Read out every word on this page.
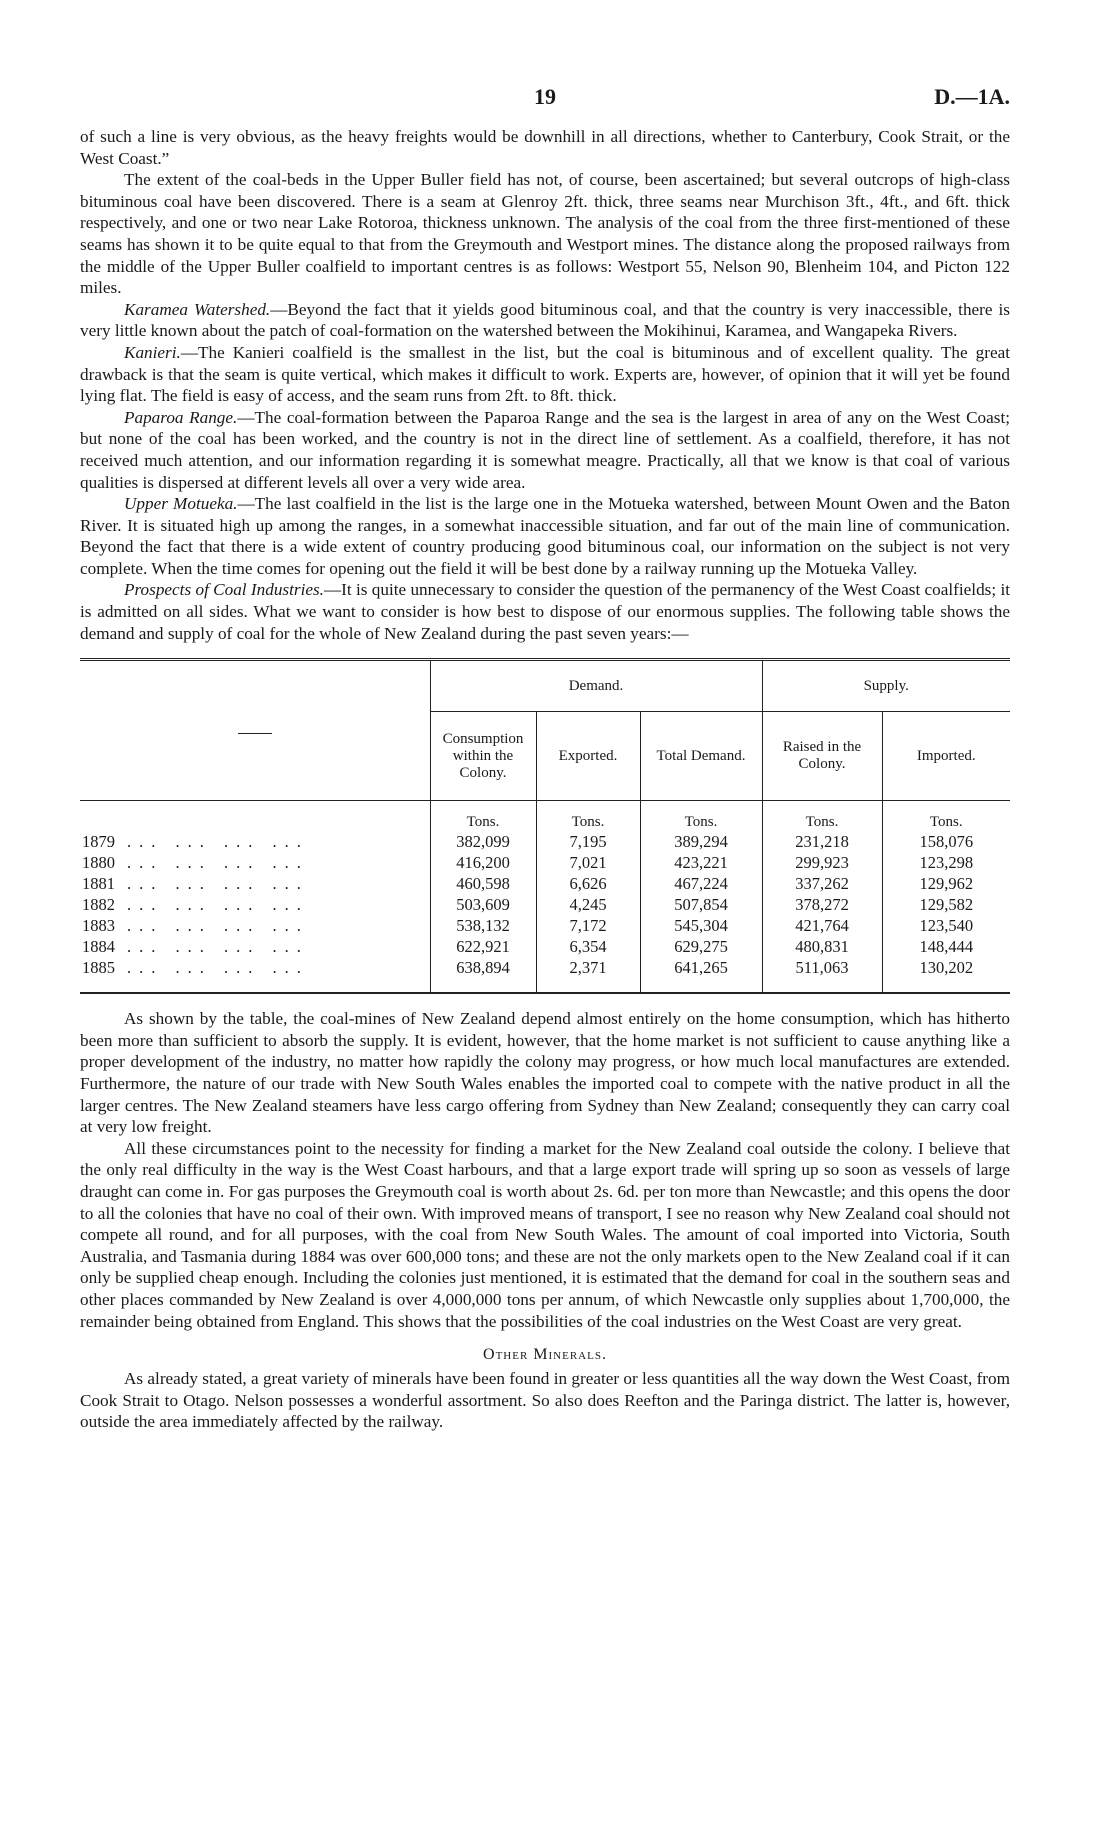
19	D.—1A.

of such a line is very obvious, as the heavy freights would be downhill in all directions, whether to Canterbury, Cook Strait, or the West Coast.”

The extent of the coal-beds in the Upper Buller field has not, of course, been ascertained; but several outcrops of high-class bituminous coal have been discovered. There is a seam at Glenroy 2ft. thick, three seams near Murchison 3ft., 4ft., and 6ft. thick respectively, and one or two near Lake Rotoroa, thickness unknown. The analysis of the coal from the three first-mentioned of these seams has shown it to be quite equal to that from the Greymouth and Westport mines. The distance along the proposed railways from the middle of the Upper Buller coalfield to important centres is as follows: Westport 55, Nelson 90, Blenheim 104, and Picton 122 miles.

Karamea Watershed.—Beyond the fact that it yields good bituminous coal, and that the country is very inaccessible, there is very little known about the patch of coal-formation on the watershed between the Mokihinui, Karamea, and Wangapeka Rivers.

Kanieri.—The Kanieri coalfield is the smallest in the list, but the coal is bituminous and of excellent quality. The great drawback is that the seam is quite vertical, which makes it difficult to work. Experts are, however, of opinion that it will yet be found lying flat. The field is easy of access, and the seam runs from 2ft. to 8ft. thick.

Paparoa Range.—The coal-formation between the Paparoa Range and the sea is the largest in area of any on the West Coast; but none of the coal has been worked, and the country is not in the direct line of settlement. As a coalfield, therefore, it has not received much attention, and our information regarding it is somewhat meagre. Practically, all that we know is that coal of various qualities is dispersed at different levels all over a very wide area.

Upper Motueka.—The last coalfield in the list is the large one in the Motueka watershed, between Mount Owen and the Baton River. It is situated high up among the ranges, in a somewhat inaccessible situation, and far out of the main line of communication. Beyond the fact that there is a wide extent of country producing good bituminous coal, our information on the subject is not very complete. When the time comes for opening out the field it will be best done by a railway running up the Motueka Valley.

Prospects of Coal Industries.—It is quite unnecessary to consider the question of the permanency of the West Coast coalfields; it is admitted on all sides. What we want to consider is how best to dispose of our enormous supplies. The following table shows the demand and supply of coal for the whole of New Zealand during the past seven years:—

	Demand.			Supply.	
	Consumption within the Colony.	Exported.	Total Demand.	Raised in the Colony.	Imported.
	Tons.	Tons.	Tons.	Tons.	Tons.
1879 ... ... ... ...	382,099	7,195	389,294	231,218	158,076
1880 ... ... ... ...	416,200	7,021	423,221	299,923	123,298
1881 ... ... ... ...	460,598	6,626	467,224	337,262	129,962
1882 ... ... ... ...	503,609	4,245	507,854	378,272	129,582
1883 ... ... ... ...	538,132	7,172	545,304	421,764	123,540
1884 ... ... ... ...	622,921	6,354	629,275	480,831	148,444
1885 ... ... ... ...	638,894	2,371	641,265	511,063	130,202

As shown by the table, the coal-mines of New Zealand depend almost entirely on the home consumption, which has hitherto been more than sufficient to absorb the supply. It is evident, however, that the home market is not sufficient to cause anything like a proper development of the industry, no matter how rapidly the colony may progress, or how much local manufactures are extended. Furthermore, the nature of our trade with New South Wales enables the imported coal to compete with the native product in all the larger centres. The New Zealand steamers have less cargo offering from Sydney than New Zealand; consequently they can carry coal at very low freight.

All these circumstances point to the necessity for finding a market for the New Zealand coal outside the colony. I believe that the only real difficulty in the way is the West Coast harbours, and that a large export trade will spring up so soon as vessels of large draught can come in. For gas purposes the Greymouth coal is worth about 2s. 6d. per ton more than Newcastle; and this opens the door to all the colonies that have no coal of their own. With improved means of transport, I see no reason why New Zealand coal should not compete all round, and for all purposes, with the coal from New South Wales. The amount of coal imported into Victoria, South Australia, and Tasmania during 1884 was over 600,000 tons; and these are not the only markets open to the New Zealand coal if it can only be supplied cheap enough. Including the colonies just mentioned, it is estimated that the demand for coal in the southern seas and other places commanded by New Zealand is over 4,000,000 tons per annum, of which Newcastle only supplies about 1,700,000, the remainder being obtained from England. This shows that the possibilities of the coal industries on the West Coast are very great.

Other Minerals.

As already stated, a great variety of minerals have been found in greater or less quantities all the way down the West Coast, from Cook Strait to Otago. Nelson possesses a wonderful assortment. So also does Reefton and the Paringa district. The latter is, however, outside the area immediately affected by the railway.
